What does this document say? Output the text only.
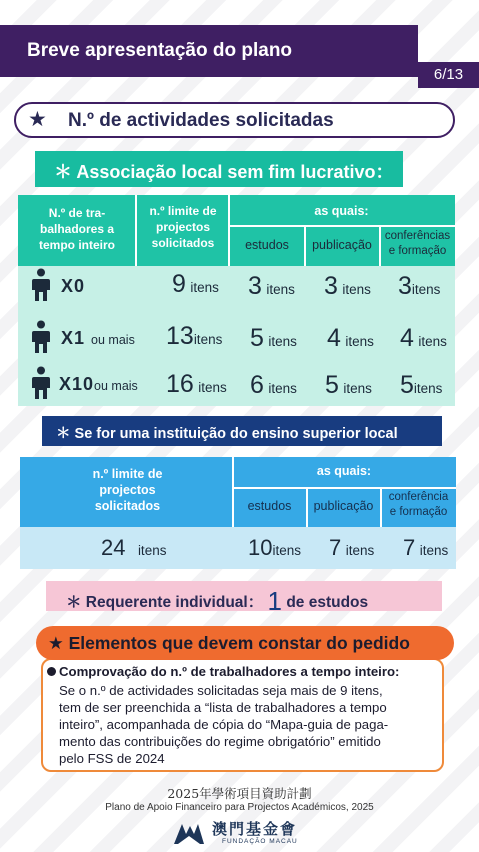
Breve apresentação do plano
6/13
★ N.º de actividades solicitadas
＊ Associação local sem fim lucrativo：
N.º de tra-
balhadores a
tempo inteiro
n.º limite de
projectos
solicitados
as quais:
estudos	publicação
conferências
e formação
X0	9 itens 3 itens 3 itens 3itens
X1 ou mais 13itens 5 itens 4 itens 4 itens
X10ou mais 16 itens 6 itens 5 itens 5itens
＊ Se for uma instituição do ensino superior local
n.º limite de
projectos
solicitados
as quais:
estudos	publicação
conferência
e formação
24 itens	10itens 7 itens 7 itens
＊ Requerente individual： 1 de estudos
★ Elementos que devem constar do pedido
Comprovação do n.º de trabalhadores a tempo inteiro:
Se o n.º de actividades solicitadas seja mais de 9 itens,
tem de ser preenchida a “lista de trabalhadores a tempo
inteiro”, acompanhada de cópia do “Mapa-guia de paga-
mento das contribuições do regime obrigatório” emitido
pelo FSS de 2024
2025年學術項目資助計劃
Plano de Apoio Financeiro para Projectos Académicos, 2025
澳門基金會
FUNDAÇÃO MACAU
